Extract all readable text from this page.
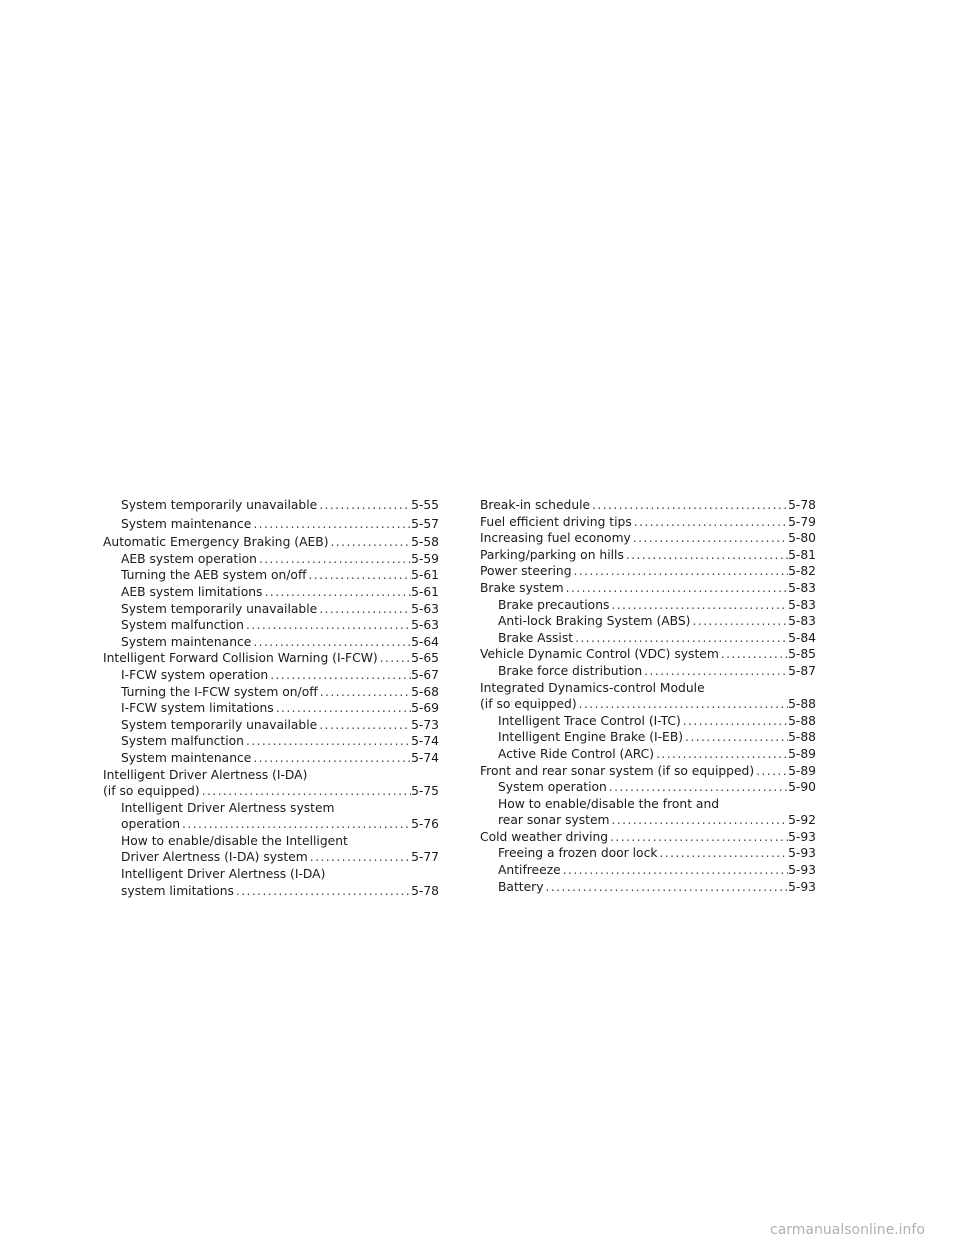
System temporarily unavailable .....	5-55
System maintenance .....	5-57
Automatic Emergency Braking (AEB) .....	5-58
AEB system operation .....	5-59
Turning the AEB system on/off .....	5-61
AEB system limitations .....	5-61
System temporarily unavailable .....	5-63
System malfunction .....	5-63
System maintenance .....	5-64
Intelligent Forward Collision Warning (I-FCW) .....	5-65
I-FCW system operation .....	5-67
Turning the I-FCW system on/off .....	5-68
I-FCW system limitations .....	5-69
System temporarily unavailable .....	5-73
System malfunction .....	5-74
System maintenance .....	5-74
Intelligent Driver Alertness (I-DA)
(if so equipped) .....	5-75
Intelligent Driver Alertness system
operation .....	5-76
How to enable/disable the Intelligent
Driver Alertness (I-DA) system .....	5-77
Intelligent Driver Alertness (I-DA)
system limitations .....	5-78
Break-in schedule .....	5-78
Fuel efficient driving tips .....	5-79
Increasing fuel economy .....	5-80
Parking/parking on hills .....	5-81
Power steering .....	5-82
Brake system .....	5-83
Brake precautions .....	5-83
Anti-lock Braking System (ABS) .....	5-83
Brake Assist .....	5-84
Vehicle Dynamic Control (VDC) system .....	5-85
Brake force distribution .....	5-87
Integrated Dynamics-control Module
(if so equipped) .....	5-88
Intelligent Trace Control (I-TC) .....	5-88
Intelligent Engine Brake (I-EB) .....	5-88
Active Ride Control (ARC) .....	5-89
Front and rear sonar system (if so equipped) .....	5-89
System operation .....	5-90
How to enable/disable the front and
rear sonar system .....	5-92
Cold weather driving .....	5-93
Freeing a frozen door lock .....	5-93
Antifreeze .....	5-93
Battery .....	5-93
carmanualsonline.info
